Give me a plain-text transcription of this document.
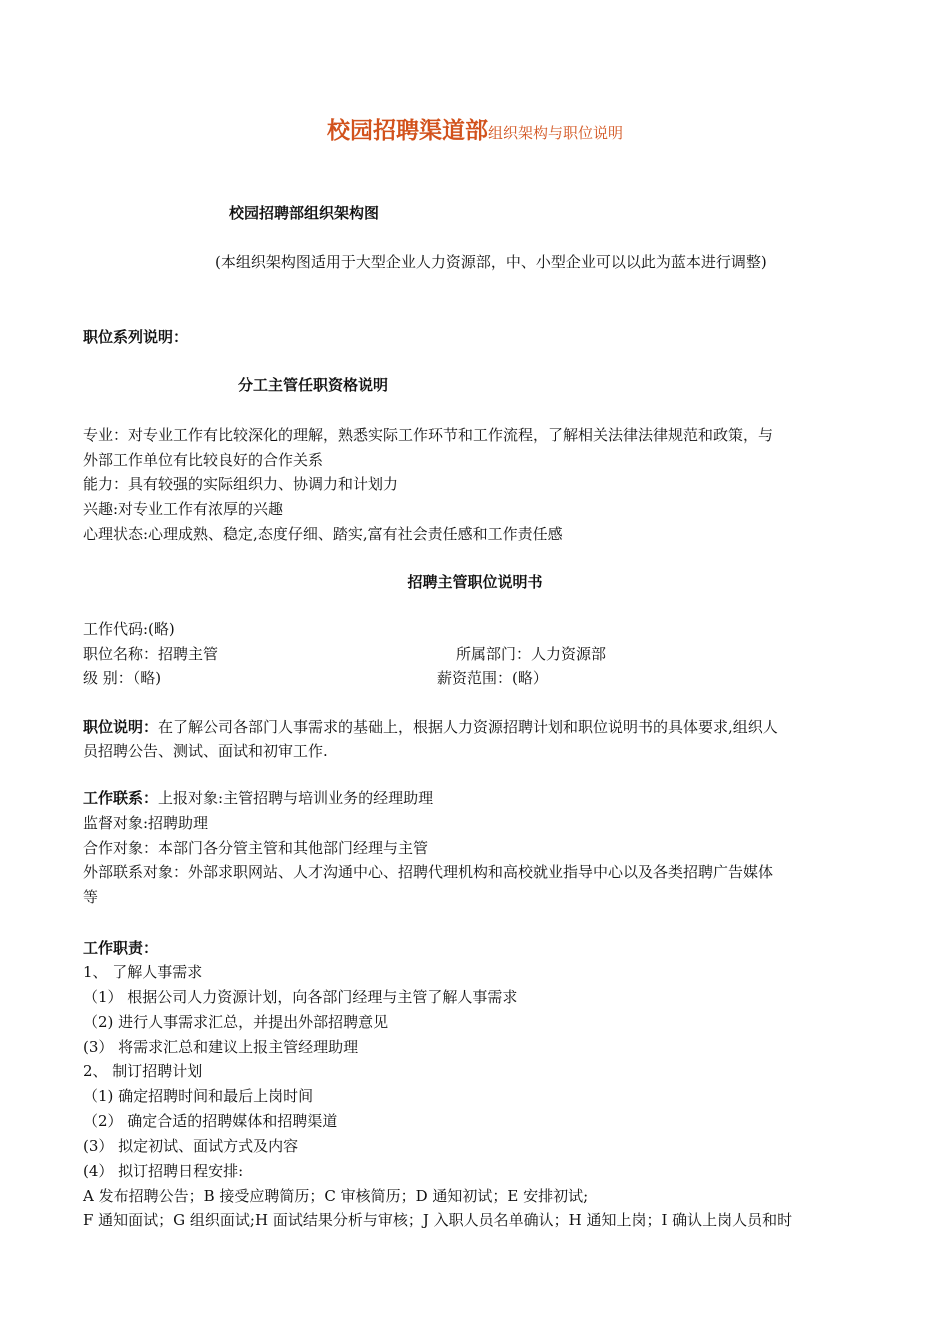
校园招聘渠道部组织架构与职位说明
校园招聘部组织架构图
(本组织架构图适用于大型企业人力资源部，中、小型企业可以以此为蓝本进行调整)
职位系列说明：
分工主管任职资格说明
专业：对专业工作有比较深化的理解，熟悉实际工作环节和工作流程，了解相关法律法律规范和政策，与
外部工作单位有比较良好的合作关系
能力：具有较强的实际组织力、协调力和计划力
兴趣:对专业工作有浓厚的兴趣
心理状态:心理成熟、稳定,态度仔细、踏实,富有社会责任感和工作责任感
招聘主管职位说明书
工作代码:(略)
职位名称：招聘主管	所属部门：人力资源部
级 别：（略)	薪资范围：(略）
职位说明：在了解公司各部门人事需求的基础上，根据人力资源招聘计划和职位说明书的具体要求,组织人
员招聘公告、测试、面试和初审工作.
工作联系：上报对象:主管招聘与培训业务的经理助理
监督对象:招聘助理
合作对象：本部门各分管主管和其他部门经理与主管
外部联系对象：外部求职网站、人才沟通中心、招聘代理机构和高校就业指导中心以及各类招聘广告媒体
等
工作职责：
1、 了解人事需求
（1） 根据公司人力资源计划，向各部门经理与主管了解人事需求
（2) 进行人事需求汇总，并提出外部招聘意见
(3） 将需求汇总和建议上报主管经理助理
2、 制订招聘计划
（1) 确定招聘时间和最后上岗时间
（2） 确定合适的招聘媒体和招聘渠道
(3） 拟定初试、面试方式及内容
(4） 拟订招聘日程安排:
A 发布招聘公告；B 接受应聘简历；C 审核简历；D 通知初试；E 安排初试;
F 通知面试；G 组织面试;H 面试结果分析与审核；J 入职人员名单确认；H 通知上岗；I 确认上岗人员和时
